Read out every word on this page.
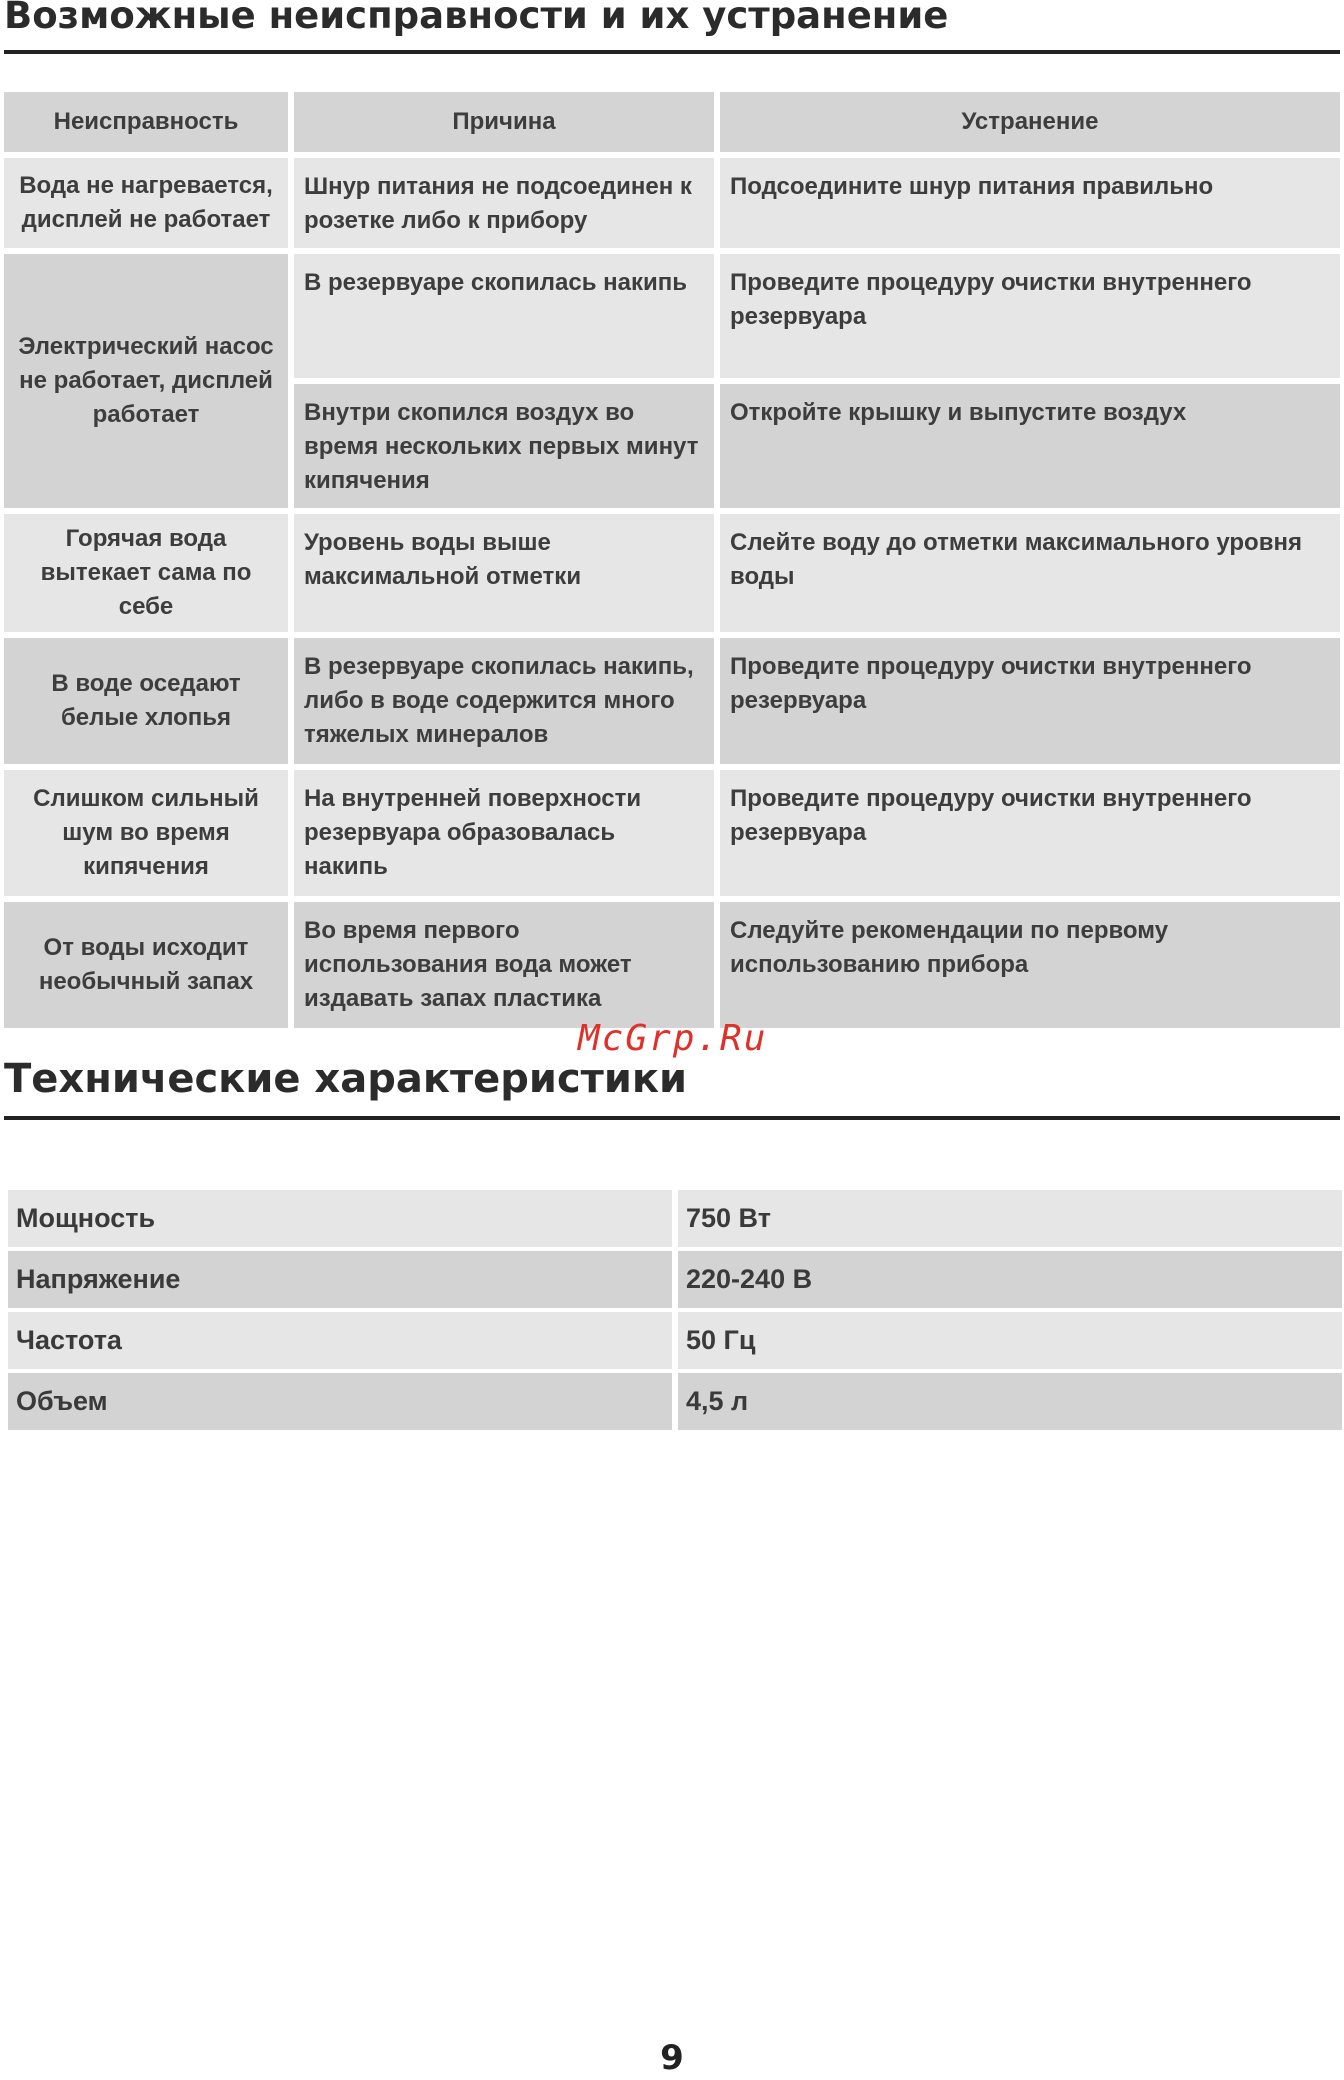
Возможные неисправности и их устранение
Неисправность	Причина	Устранение
Вода не нагревается, дисплей не работает	Шнур питания не подсоединен к розетке либо к прибору	Подсоедините шнур питания правильно
Электрический насос не работает, дисплей работает	В резервуаре скопилась накипь	Проведите процедуру очистки внутреннего резервуара
	Внутри скопился воздух во время нескольких первых минут кипячения	Откройте крышку и выпустите воздух
Горячая вода вытекает сама по себе	Уровень воды выше максимальной отметки	Слейте воду до отметки максимального уровня воды
В воде оседают белые хлопья	В резервуаре скопилась накипь, либо в воде содержится много тяжелых минералов	Проведите процедуру очистки внутреннего резервуара
Слишком сильный шум во время кипячения	На внутренней поверхности резервуара образовалась накипь	Проведите процедуру очистки внутреннего резервуара
От воды исходит необычный запах	Во время первого использования вода может издавать запах пластика	Следуйте рекомендации по первому использованию прибора
McGrp.Ru
Технические характеристики
Мощность	750 Вт
Напряжение	220-240 В
Частота	50 Гц
Объем	4,5 л
9
